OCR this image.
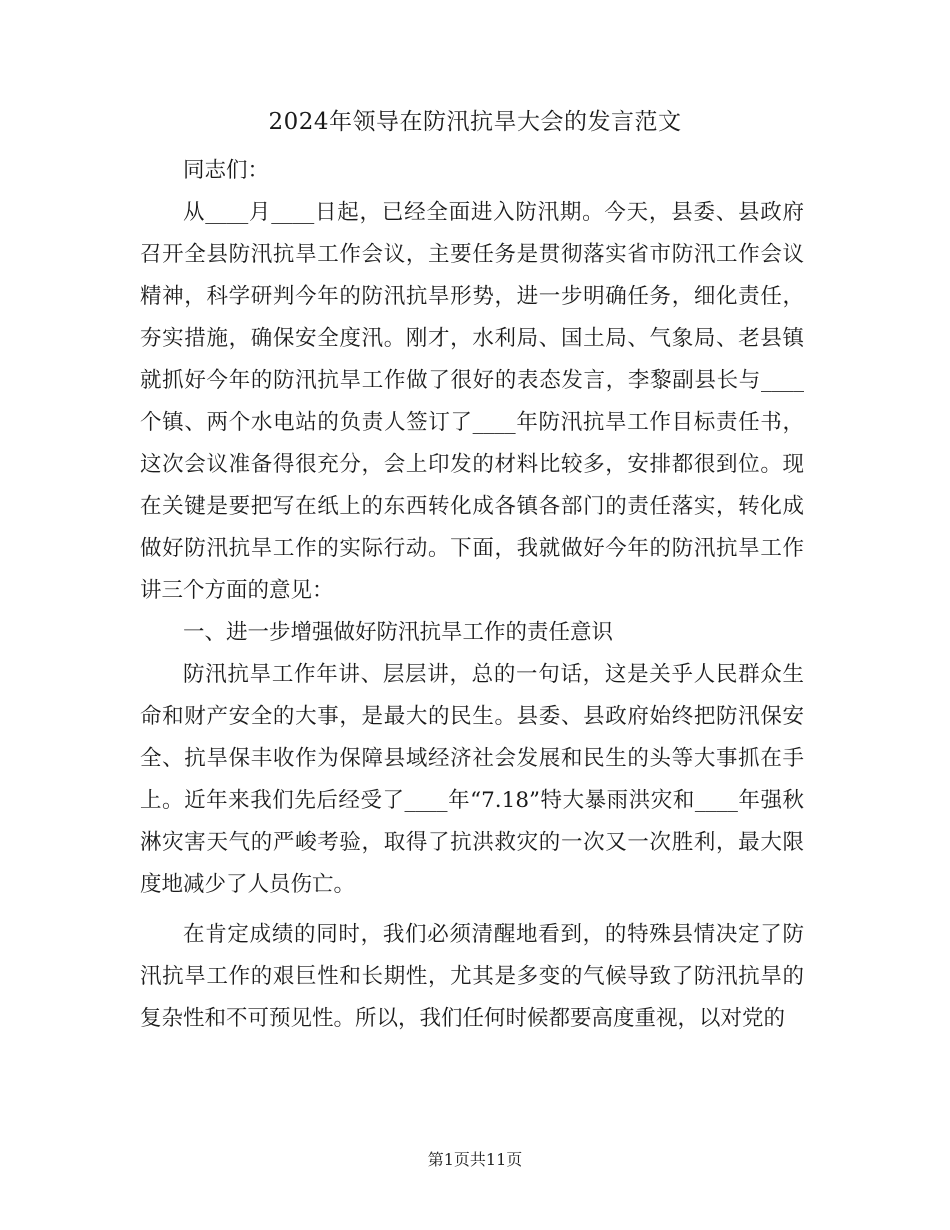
2024年领导在防汛抗旱大会的发言范文

同志们：

从____月____日起，已经全面进入防汛期。今天，县委、县政府召开全县防汛抗旱工作会议，主要任务是贯彻落实省市防汛工作会议精神，科学研判今年的防汛抗旱形势，进一步明确任务，细化责任，夯实措施，确保安全度汛。刚才，水利局、国土局、气象局、老县镇就抓好今年的防汛抗旱工作做了很好的表态发言，李黎副县长与____个镇、两个水电站的负责人签订了____年防汛抗旱工作目标责任书，这次会议准备得很充分，会上印发的材料比较多，安排都很到位。现在关键是要把写在纸上的东西转化成各镇各部门的责任落实，转化成做好防汛抗旱工作的实际行动。下面，我就做好今年的防汛抗旱工作讲三个方面的意见：

一、进一步增强做好防汛抗旱工作的责任意识

防汛抗旱工作年讲、层层讲，总的一句话，这是关乎人民群众生命和财产安全的大事，是最大的民生。县委、县政府始终把防汛保安全、抗旱保丰收作为保障县域经济社会发展和民生的头等大事抓在手上。近年来我们先后经受了____年“7.18”特大暴雨洪灾和____年强秋淋灾害天气的严峻考验，取得了抗洪救灾的一次又一次胜利，最大限度地减少了人员伤亡。

在肯定成绩的同时，我们必须清醒地看到，的特殊县情决定了防汛抗旱工作的艰巨性和长期性，尤其是多变的气候导致了防汛抗旱的复杂性和不可预见性。所以，我们任何时候都要高度重视，以对党的

第1页共11页
